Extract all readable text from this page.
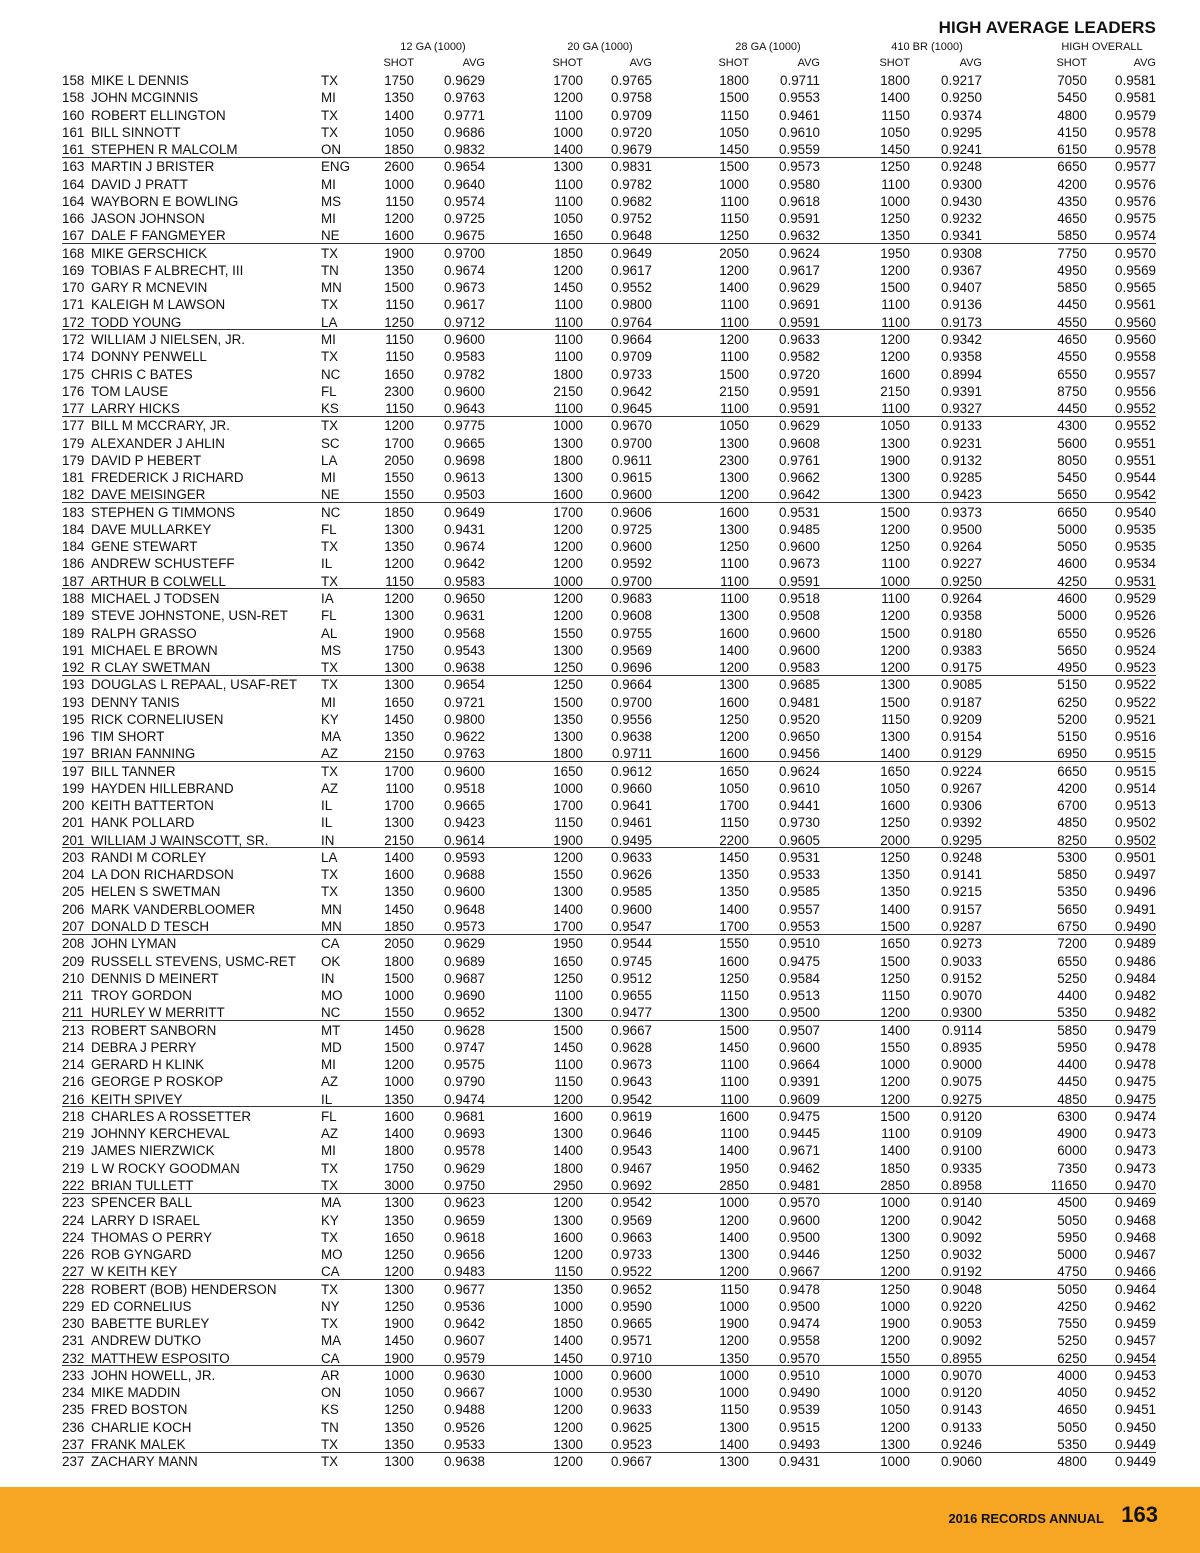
HIGH AVERAGE LEADERS
12 GA (1000)	20 GA (1000)	28 GA (1000)	410 BR (1000)	HIGH OVERALL
SHOT	AVG	SHOT	AVG	SHOT	AVG	SHOT	AVG	SHOT	AVG
158 MIKE L DENNIS	TX	1750 0.9629	1700 0.9765	1800 0.9711	1800 0.9217	7050 0.9581
158 JOHN MCGINNIS	MI	1350 0.9763	1200 0.9758	1500 0.9553	1400 0.9250	5450 0.9581
160 ROBERT ELLINGTON	TX	1400 0.9771	1100 0.9709	1150 0.9461	1150 0.9374	4800 0.9579
161 BILL SINNOTT	TX	1050 0.9686	1000 0.9720	1050 0.9610	1050 0.9295	4150 0.9578
161 STEPHEN R MALCOLM	ON	1850 0.9832	1400 0.9679	1450 0.9559	1450 0.9241	6150 0.9578
163 MARTIN J BRISTER	ENG	2600 0.9654	1300 0.9831	1500 0.9573	1250 0.9248	6650 0.9577
164 DAVID J PRATT	MI	1000 0.9640	1100 0.9782	1000 0.9580	1100 0.9300	4200 0.9576
164 WAYBORN E BOWLING	MS	1150 0.9574	1100 0.9682	1100 0.9618	1000 0.9430	4350 0.9576
166 JASON JOHNSON	MI	1200 0.9725	1050 0.9752	1150 0.9591	1250 0.9232	4650 0.9575
167 DALE F FANGMEYER	NE	1600 0.9675	1650 0.9648	1250 0.9632	1350 0.9341	5850 0.9574
168 MIKE GERSCHICK	TX	1900 0.9700	1850 0.9649	2050 0.9624	1950 0.9308	7750 0.9570
169 TOBIAS F ALBRECHT, III	TN	1350 0.9674	1200 0.9617	1200 0.9617	1200 0.9367	4950 0.9569
170 GARY R MCNEVIN	MN	1500 0.9673	1450 0.9552	1400 0.9629	1500 0.9407	5850 0.9565
171 KALEIGH M LAWSON	TX	1150 0.9617	1100 0.9800	1100 0.9691	1100 0.9136	4450 0.9561
172 TODD YOUNG	LA	1250 0.9712	1100 0.9764	1100 0.9591	1100 0.9173	4550 0.9560
172 WILLIAM J NIELSEN, JR.	MI	1150 0.9600	1100 0.9664	1200 0.9633	1200 0.9342	4650 0.9560
174 DONNY PENWELL	TX	1150 0.9583	1100 0.9709	1100 0.9582	1200 0.9358	4550 0.9558
175 CHRIS C BATES	NC	1650 0.9782	1800 0.9733	1500 0.9720	1600 0.8994	6550 0.9557
176 TOM LAUSE	FL	2300 0.9600	2150 0.9642	2150 0.9591	2150 0.9391	8750 0.9556
177 LARRY HICKS	KS	1150 0.9643	1100 0.9645	1100 0.9591	1100 0.9327	4450 0.9552
177 BILL M MCCRARY, JR.	TX	1200 0.9775	1000 0.9670	1050 0.9629	1050 0.9133	4300 0.9552
179 ALEXANDER J AHLIN	SC	1700 0.9665	1300 0.9700	1300 0.9608	1300 0.9231	5600 0.9551
179 DAVID P HEBERT	LA	2050 0.9698	1800 0.9611	2300 0.9761	1900 0.9132	8050 0.9551
181 FREDERICK J RICHARD	MI	1550 0.9613	1300 0.9615	1300 0.9662	1300 0.9285	5450 0.9544
182 DAVE MEISINGER	NE	1550 0.9503	1600 0.9600	1200 0.9642	1300 0.9423	5650 0.9542
183 STEPHEN G TIMMONS	NC	1850 0.9649	1700 0.9606	1600 0.9531	1500 0.9373	6650 0.9540
184 DAVE MULLARKEY	FL	1300 0.9431	1200 0.9725	1300 0.9485	1200 0.9500	5000 0.9535
184 GENE STEWART	TX	1350 0.9674	1200 0.9600	1250 0.9600	1250 0.9264	5050 0.9535
186 ANDREW SCHUSTEFF	IL	1200 0.9642	1200 0.9592	1100 0.9673	1100 0.9227	4600 0.9534
187 ARTHUR B COLWELL	TX	1150 0.9583	1000 0.9700	1100 0.9591	1000 0.9250	4250 0.9531
188 MICHAEL J TODSEN	IA	1200 0.9650	1200 0.9683	1100 0.9518	1100 0.9264	4600 0.9529
189 STEVE JOHNSTONE, USN-RET FL	1300 0.9631	1200 0.9608	1300 0.9508	1200 0.9358	5000 0.9526
189 RALPH GRASSO	AL	1900 0.9568	1550 0.9755	1600 0.9600	1500 0.9180	6550 0.9526
191 MICHAEL E BROWN	MS	1750 0.9543	1300 0.9569	1400 0.9600	1200 0.9383	5650 0.9524
192 R CLAY SWETMAN	TX	1300 0.9638	1250 0.9696	1200 0.9583	1200 0.9175	4950 0.9523
193 DOUGLAS L REPAAL, USAF-RET TX	1300 0.9654	1250 0.9664	1300 0.9685	1300 0.9085	5150 0.9522
193 DENNY TANIS	MI	1650 0.9721	1500 0.9700	1600 0.9481	1500 0.9187	6250 0.9522
195 RICK CORNELIUSEN	KY	1450 0.9800	1350 0.9556	1250 0.9520	1150 0.9209	5200 0.9521
196 TIM SHORT	MA	1350 0.9622	1300 0.9638	1200 0.9650	1300 0.9154	5150 0.9516
197 BRIAN FANNING	AZ	2150 0.9763	1800 0.9711	1600 0.9456	1400 0.9129	6950 0.9515
197 BILL TANNER	TX	1700 0.9600	1650 0.9612	1650 0.9624	1650 0.9224	6650 0.9515
199 HAYDEN HILLEBRAND	AZ	1100 0.9518	1000 0.9660	1050 0.9610	1050 0.9267	4200 0.9514
200 KEITH BATTERTON	IL	1700 0.9665	1700 0.9641	1700 0.9441	1600 0.9306	6700 0.9513
201 HANK POLLARD	IL	1300 0.9423	1150 0.9461	1150 0.9730	1250 0.9392	4850 0.9502
201 WILLIAM J WAINSCOTT, SR.	IN	2150 0.9614	1900 0.9495	2200 0.9605	2000 0.9295	8250 0.9502
203 RANDI M CORLEY	LA	1400 0.9593	1200 0.9633	1450 0.9531	1250 0.9248	5300 0.9501
204 LA DON RICHARDSON	TX	1600 0.9688	1550 0.9626	1350 0.9533	1350 0.9141	5850 0.9497
205 HELEN S SWETMAN	TX	1350 0.9600	1300 0.9585	1350 0.9585	1350 0.9215	5350 0.9496
206 MARK VANDERBLOOMER	MN	1450 0.9648	1400 0.9600	1400 0.9557	1400 0.9157	5650 0.9491
207 DONALD D TESCH	MN	1850 0.9573	1700 0.9547	1700 0.9553	1500 0.9287	6750 0.9490
208 JOHN LYMAN	CA	2050 0.9629	1950 0.9544	1550 0.9510	1650 0.9273	7200 0.9489
209 RUSSELL STEVENS, USMC-RET OK	1800 0.9689	1650 0.9745	1600 0.9475	1500 0.9033	6550 0.9486
210 DENNIS D MEINERT	IN	1500 0.9687	1250 0.9512	1250 0.9584	1250 0.9152	5250 0.9484
211 TROY GORDON	MO	1000 0.9690	1100 0.9655	1150 0.9513	1150 0.9070	4400 0.9482
211 HURLEY W MERRITT	NC	1550 0.9652	1300 0.9477	1300 0.9500	1200 0.9300	5350 0.9482
213 ROBERT SANBORN	MT	1450 0.9628	1500 0.9667	1500 0.9507	1400 0.9114	5850 0.9479
214 DEBRA J PERRY	MD	1500 0.9747	1450 0.9628	1450 0.9600	1550 0.8935	5950 0.9478
214 GERARD H KLINK	MI	1200 0.9575	1100 0.9673	1100 0.9664	1000 0.9000	4400 0.9478
216 GEORGE P ROSKOP	AZ	1000 0.9790	1150 0.9643	1100 0.9391	1200 0.9075	4450 0.9475
216 KEITH SPIVEY	IL	1350 0.9474	1200 0.9542	1100 0.9609	1200 0.9275	4850 0.9475
218 CHARLES A ROSSETTER	FL	1600 0.9681	1600 0.9619	1600 0.9475	1500 0.9120	6300 0.9474
219 JOHNNY KERCHEVAL	AZ	1400 0.9693	1300 0.9646	1100 0.9445	1100 0.9109	4900 0.9473
219 JAMES NIERZWICK	MI	1800 0.9578	1400 0.9543	1400 0.9671	1400 0.9100	6000 0.9473
219 L W ROCKY GOODMAN	TX	1750 0.9629	1800 0.9467	1950 0.9462	1850 0.9335	7350 0.9473
222 BRIAN TULLETT	TX	3000 0.9750	2950 0.9692	2850 0.9481	2850 0.8958	11650 0.9470
223 SPENCER BALL	MA	1300 0.9623	1200 0.9542	1000 0.9570	1000 0.9140	4500 0.9469
224 LARRY D ISRAEL	KY	1350 0.9659	1300 0.9569	1200 0.9600	1200 0.9042	5050 0.9468
224 THOMAS O PERRY	TX	1650 0.9618	1600 0.9663	1400 0.9500	1300 0.9092	5950 0.9468
226 ROB GYNGARD	MO	1250 0.9656	1200 0.9733	1300 0.9446	1250 0.9032	5000 0.9467
227 W KEITH KEY	CA	1200 0.9483	1150 0.9522	1200 0.9667	1200 0.9192	4750 0.9466
228 ROBERT (BOB) HENDERSON	TX	1300 0.9677	1350 0.9652	1150 0.9478	1250 0.9048	5050 0.9464
229 ED CORNELIUS	NY	1250 0.9536	1000 0.9590	1000 0.9500	1000 0.9220	4250 0.9462
230 BABETTE BURLEY	TX	1900 0.9642	1850 0.9665	1900 0.9474	1900 0.9053	7550 0.9459
231 ANDREW DUTKO	MA	1450 0.9607	1400 0.9571	1200 0.9558	1200 0.9092	5250 0.9457
232 MATTHEW ESPOSITO	CA	1900 0.9579	1450 0.9710	1350 0.9570	1550 0.8955	6250 0.9454
233 JOHN HOWELL, JR.	AR	1000 0.9630	1000 0.9600	1000 0.9510	1000 0.9070	4000 0.9453
234 MIKE MADDIN	ON	1050 0.9667	1000 0.9530	1000 0.9490	1000 0.9120	4050 0.9452
235 FRED BOSTON	KS	1250 0.9488	1200 0.9633	1150 0.9539	1050 0.9143	4650 0.9451
236 CHARLIE KOCH	TN	1350 0.9526	1200 0.9625	1300 0.9515	1200 0.9133	5050 0.9450
237 FRANK MALEK	TX	1350 0.9533	1300 0.9523	1400 0.9493	1300 0.9246	5350 0.9449
237 ZACHARY MANN	TX	1300 0.9638	1200 0.9667	1300 0.9431	1000 0.9060	4800 0.9449
2016 RECORDS ANNUAL 163
